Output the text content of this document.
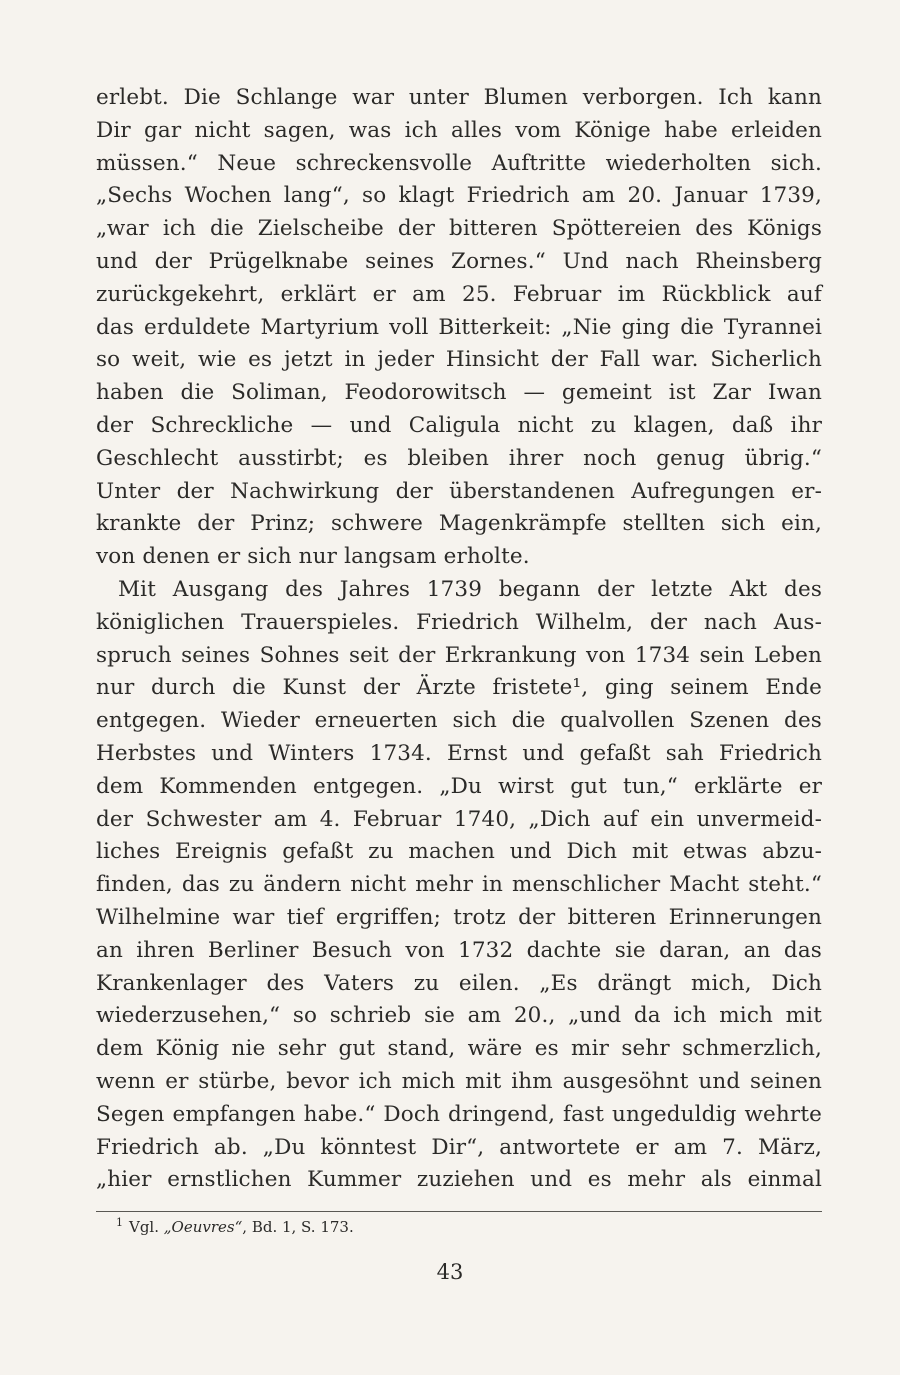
erlebt. Die Schlange war unter Blumen verborgen. Ich kann
Dir gar nicht sagen, was ich alles vom Könige habe erleiden
müssen.“ Neue schreckensvolle Auftritte wiederholten sich.
„Sechs Wochen lang“, so klagt Friedrich am 20. Januar 1739,
„war ich die Zielscheibe der bitteren Spöttereien des Königs
und der Prügelknabe seines Zornes.“ Und nach Rheinsberg
zurückgekehrt, erklärt er am 25. Februar im Rückblick auf
das erduldete Martyrium voll Bitterkeit: „Nie ging die Tyrannei
so weit, wie es jetzt in jeder Hinsicht der Fall war. Sicherlich
haben die Soliman, Feodorowitsch — gemeint ist Zar Iwan
der Schreckliche — und Caligula nicht zu klagen, daß ihr
Geschlecht ausstirbt; es bleiben ihrer noch genug übrig.“
Unter der Nachwirkung der überstandenen Aufregungen er-
krankte der Prinz; schwere Magenkrämpfe stellten sich ein,
von denen er sich nur langsam erholte.
Mit Ausgang des Jahres 1739 begann der letzte Akt des
königlichen Trauerspieles. Friedrich Wilhelm, der nach Aus-
spruch seines Sohnes seit der Erkrankung von 1734 sein Leben
nur durch die Kunst der Ärzte fristete¹, ging seinem Ende
entgegen. Wieder erneuerten sich die qualvollen Szenen des
Herbstes und Winters 1734. Ernst und gefaßt sah Friedrich
dem Kommenden entgegen. „Du wirst gut tun,“ erklärte er
der Schwester am 4. Februar 1740, „Dich auf ein unvermeid-
liches Ereignis gefaßt zu machen und Dich mit etwas abzu-
finden, das zu ändern nicht mehr in menschlicher Macht steht.“
Wilhelmine war tief ergriffen; trotz der bitteren Erinnerungen
an ihren Berliner Besuch von 1732 dachte sie daran, an das
Krankenlager des Vaters zu eilen. „Es drängt mich, Dich
wiederzusehen,“ so schrieb sie am 20., „und da ich mich mit
dem König nie sehr gut stand, wäre es mir sehr schmerzlich,
wenn er stürbe, bevor ich mich mit ihm ausgesöhnt und seinen
Segen empfangen habe.“ Doch dringend, fast ungeduldig wehrte
Friedrich ab. „Du könntest Dir“, antwortete er am 7. März,
„hier ernstlichen Kummer zuziehen und es mehr als einmal
$^1$ Vgl. „Oeuvres“, Bd. 1, S. 173.
43
